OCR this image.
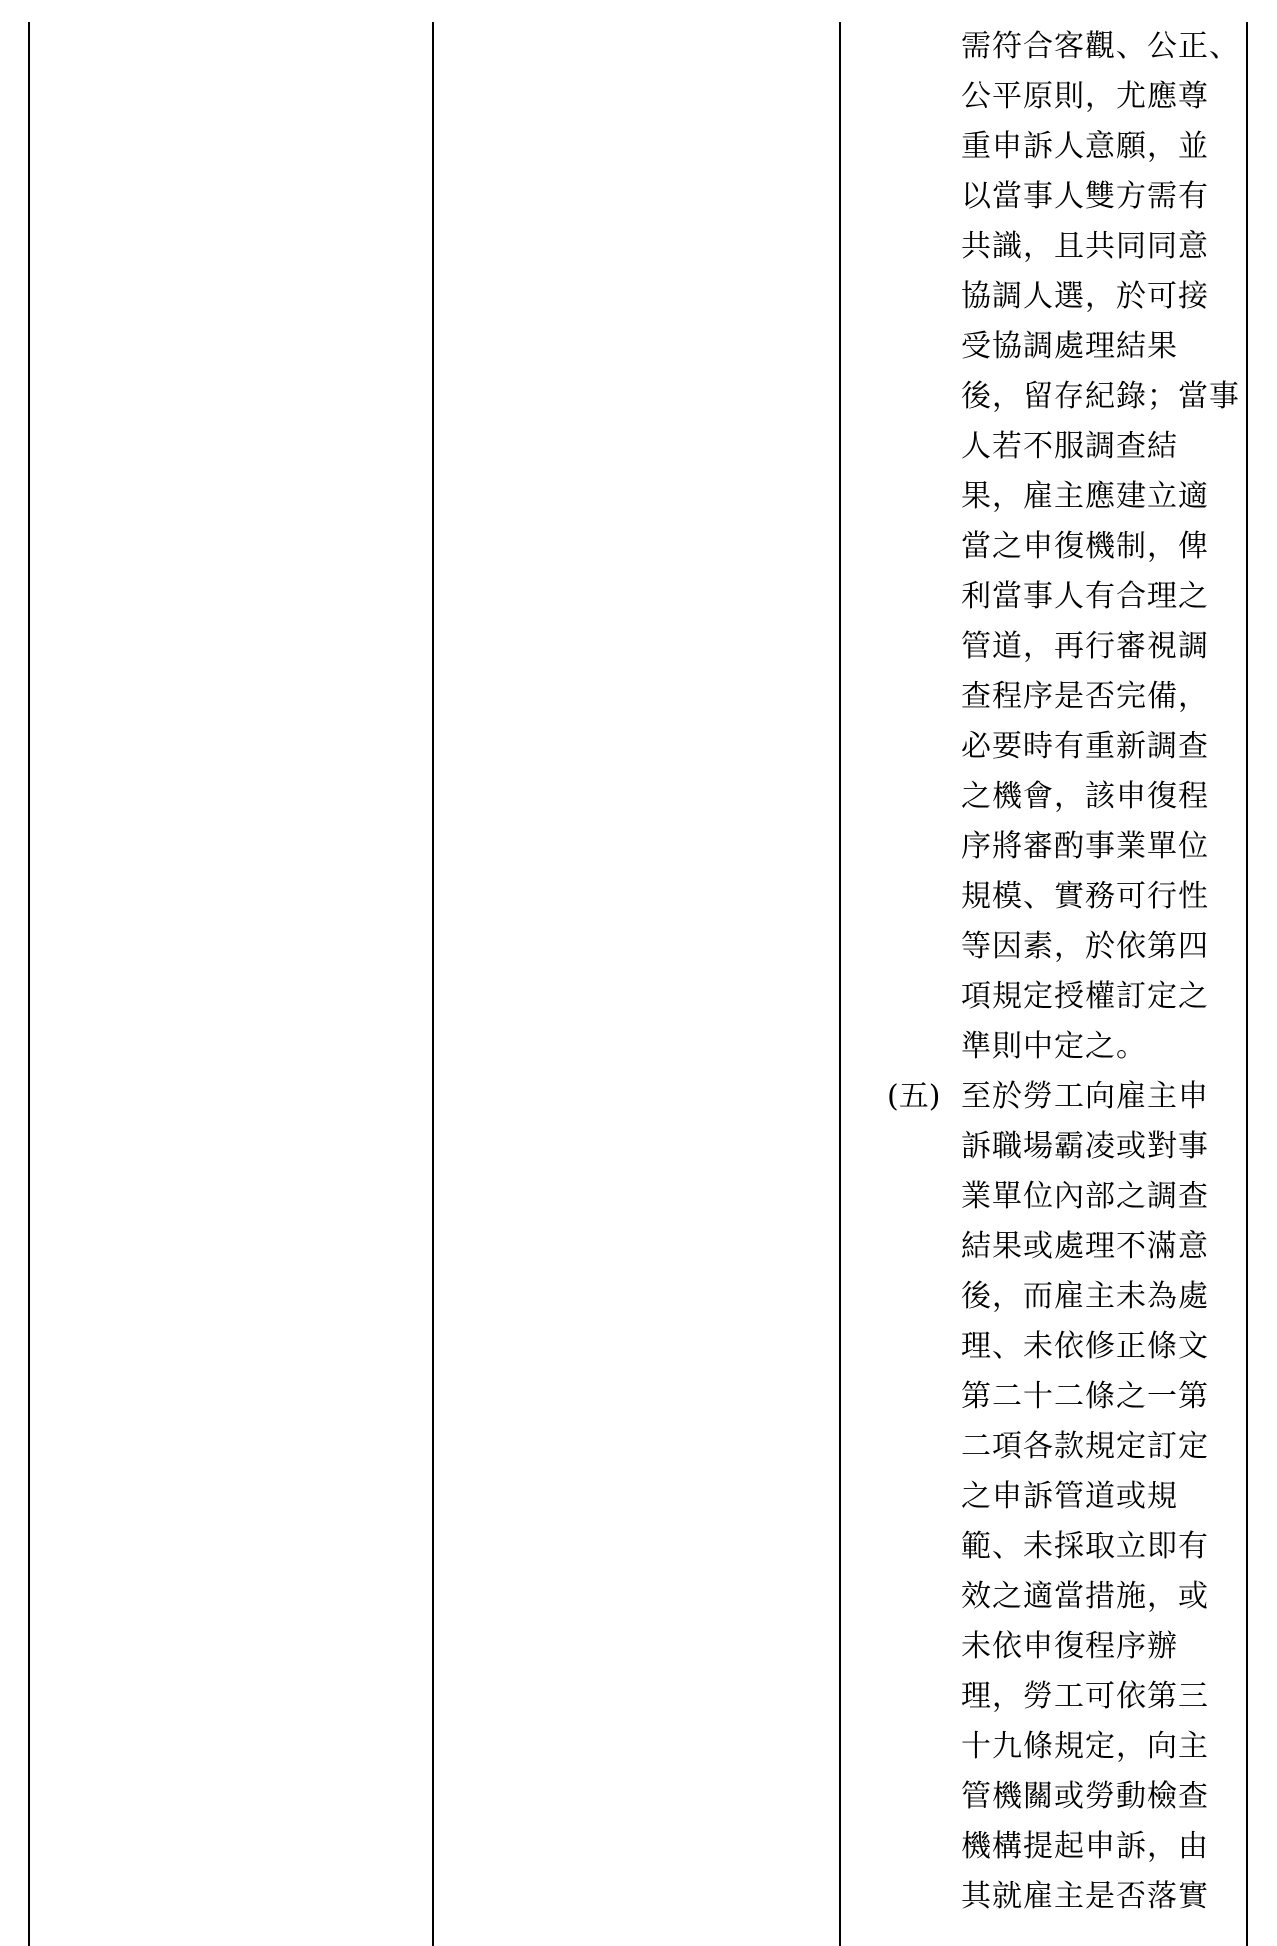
需符合客觀、公正、
公平原則，尤應尊
重申訴人意願，並
以當事人雙方需有
共識，且共同同意
協調人選，於可接
受協調處理結果
後，留存紀錄；當事
人若不服調查結
果，雇主應建立適
當之申復機制，俾
利當事人有合理之
管道，再行審視調
查程序是否完備，
必要時有重新調查
之機會，該申復程
序將審酌事業單位
規模、實務可行性
等因素，於依第四
項規定授權訂定之
準則中定之。
(五) 至於勞工向雇主申
訴職場霸凌或對事
業單位內部之調查
結果或處理不滿意
後，而雇主未為處
理、未依修正條文
第二十二條之一第
二項各款規定訂定
之申訴管道或規
範、未採取立即有
效之適當措施，或
未依申復程序辦
理，勞工可依第三
十九條規定，向主
管機關或勞動檢查
機構提起申訴，由
其就雇主是否落實
